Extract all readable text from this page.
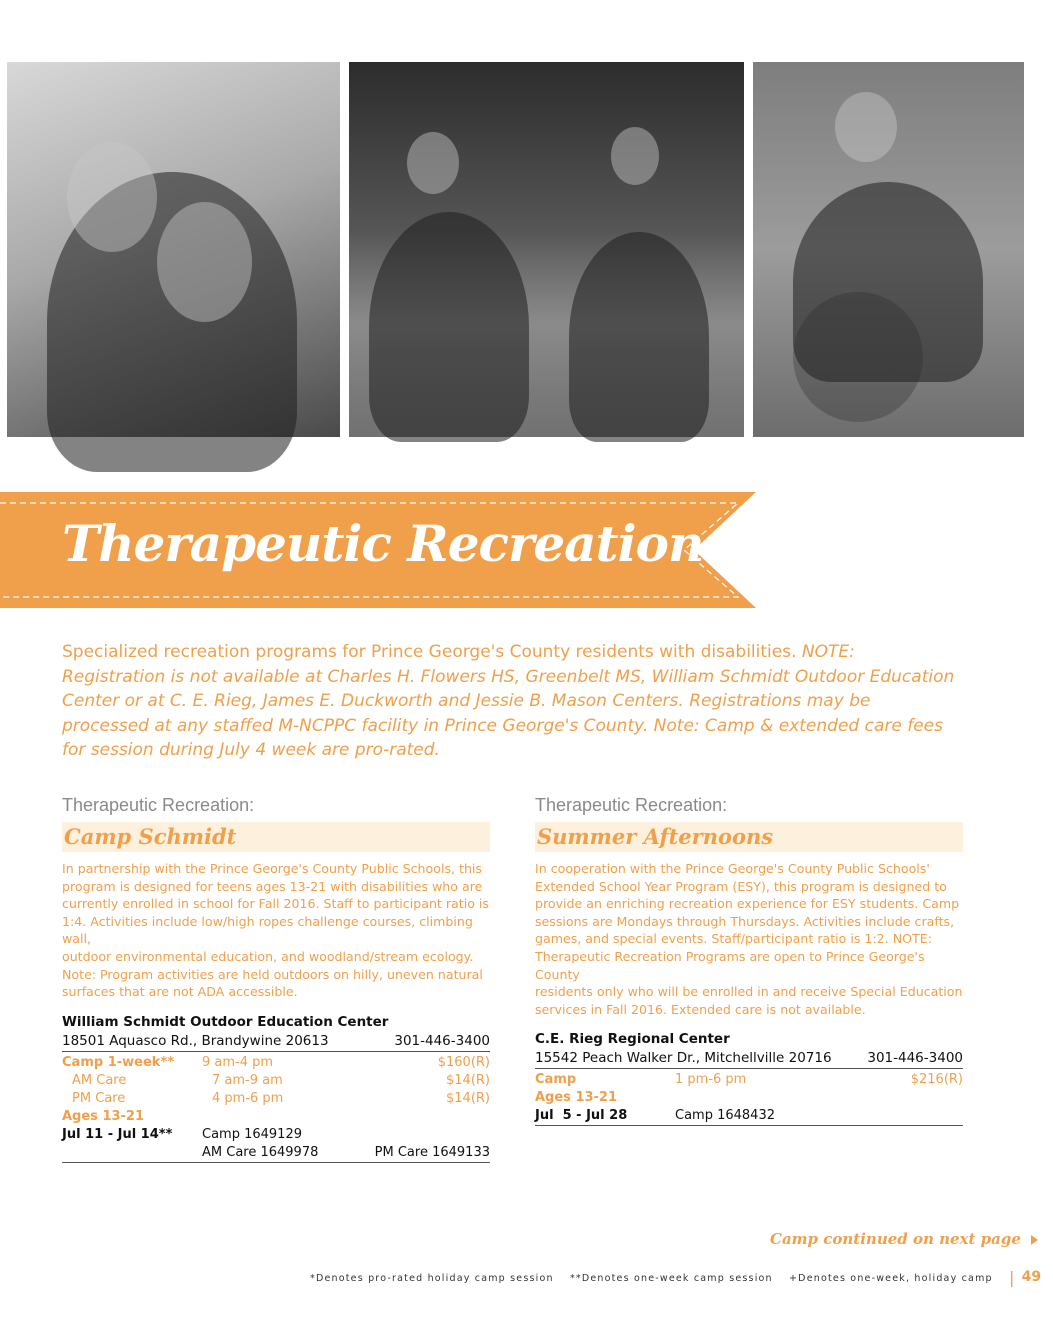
Therapeutic Recreation Camps

Specialized recreation programs for Prince George's County residents with disabilities. NOTE: Registration is not available at Charles H. Flowers HS, Greenbelt MS, William Schmidt Outdoor Education Center or at C. E. Rieg, James E. Duckworth and Jessie B. Mason Centers. Registrations may be processed at any staffed M-NCPPC facility in Prince George's County. Note: Camp & extended care fees for session during July 4 week are pro-rated.

Therapeutic Recreation:
Camp Schmidt
In partnership with the Prince George's County Public Schools, this
program is designed for teens ages 13-21 with disabilities who are
currently enrolled in school for Fall 2016. Staff to participant ratio is
1:4. Activities include low/high ropes challenge courses, climbing wall,
outdoor environmental education, and woodland/stream ecology.
Note: Program activities are held outdoors on hilly, uneven natural
surfaces that are not ADA accessible.
William Schmidt Outdoor Education Center
18501 Aquasco Rd., Brandywine 20613	301-446-3400
Camp 1-week**	9 am-4 pm	$160(R)
AM Care	7 am-9 am	$14(R)
PM Care	4 pm-6 pm	$14(R)
Ages 13-21
Jul 11 - Jul 14**	Camp 1649129
AM Care 1649978	PM Care 1649133
Therapeutic Recreation:
Summer Afternoons
In cooperation with the Prince George's County Public Schools'
Extended School Year Program (ESY), this program is designed to
provide an enriching recreation experience for ESY students. Camp
sessions are Mondays through Thursdays. Activities include crafts,
games, and special events. Staff/participant ratio is 1:2. NOTE:
Therapeutic Recreation Programs are open to Prince George's County
residents only who will be enrolled in and receive Special Education
services in Fall 2016. Extended care is not available.
C.E. Rieg Regional Center
15542 Peach Walker Dr., Mitchellville 20716	301-446-3400
Camp	1 pm-6 pm	$216(R)
Ages 13-21
Jul  5 - Jul 28	Camp 1648432
Camp continued on next page
*Denotes pro-rated holiday camp session **Denotes one-week camp session +Denotes one-week, holiday camp | 49
